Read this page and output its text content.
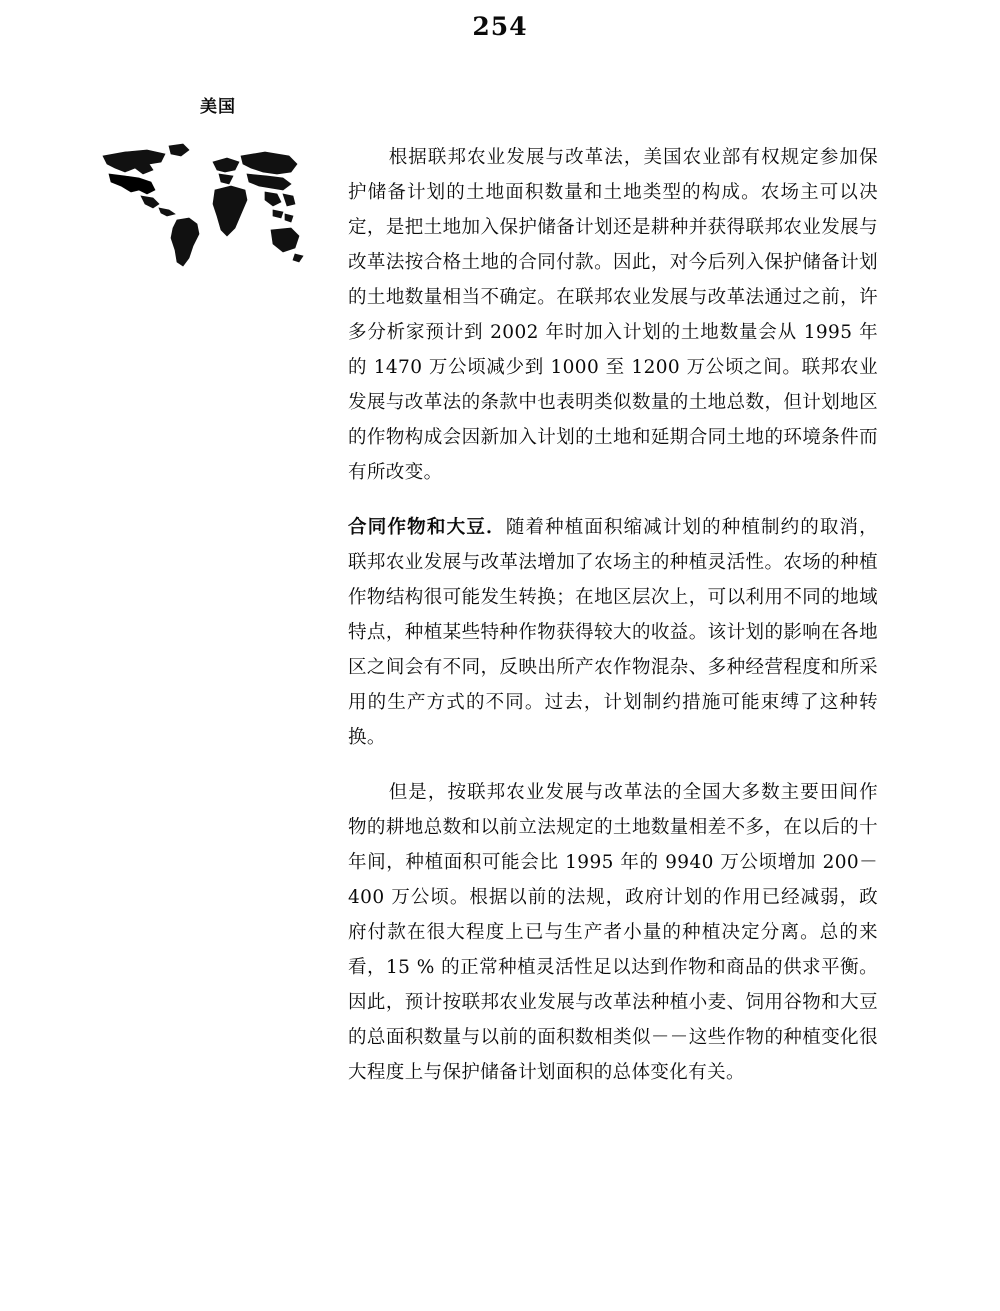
254
美国

根据联邦农业发展与改革法，美国农业部有权规定参加保护储备计划的土地面积数量和土地类型的构成。农场主可以决定，是把土地加入保护储备计划还是耕种并获得联邦农业发展与改革法按合格土地的合同付款。因此，对今后列入保护储备计划的土地数量相当不确定。在联邦农业发展与改革法通过之前，许多分析家预计到 2002 年时加入计划的土地数量会从 1995 年的 1470 万公顷减少到 1000 至 1200 万公顷之间。联邦农业发展与改革法的条款中也表明类似数量的土地总数，但计划地区的作物构成会因新加入计划的土地和延期合同土地的环境条件而有所改变。

合同作物和大豆．随着种植面积缩减计划的种植制约的取消，联邦农业发展与改革法增加了农场主的种植灵活性。农场的种植作物结构很可能发生转换；在地区层次上，可以利用不同的地域特点，种植某些特种作物获得较大的收益。该计划的影响在各地区之间会有不同，反映出所产农作物混杂、多种经营程度和所采用的生产方式的不同。过去，计划制约措施可能束缚了这种转换。

但是，按联邦农业发展与改革法的全国大多数主要田间作物的耕地总数和以前立法规定的土地数量相差不多，在以后的十年间，种植面积可能会比 1995 年的 9940 万公顷增加 200－400 万公顷。根据以前的法规，政府计划的作用已经减弱，政府付款在很大程度上已与生产者小量的种植决定分离。总的来看，15 % 的正常种植灵活性足以达到作物和商品的供求平衡。因此，预计按联邦农业发展与改革法种植小麦、饲用谷物和大豆的总面积数量与以前的面积数相类似－－这些作物的种植变化很大程度上与保护储备计划面积的总体变化有关。
